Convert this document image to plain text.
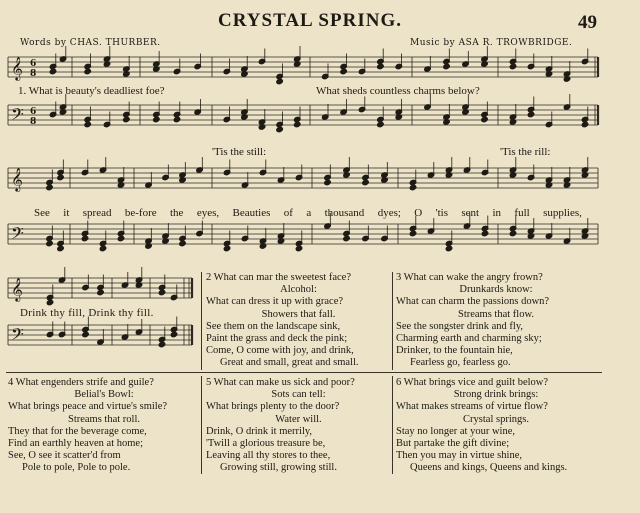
CRYSTAL SPRING.	49
Words by CHAS. THURBER.	Music by ASA R. TROWBRIDGE.
𝄞 6
8
𝄢 6
8
𝄞
𝄢
𝄞
𝄢
1. What is beauty's deadliest foe?	What sheds countless charms below?
'Tis the still:	'Tis the rill:
See it spread be-fore the eyes, Beauties of a thousand dyes; O 'tis sent in full supplies,
Drink thy fill, Drink thy fill.
2 What can mar the sweetest face?
Alcohol:
What can dress it up with grace?
Showers that fall.
See them on the landscape sink,
Paint the grass and deck the pink;
Come, O come with joy, and drink,
Great and small, great and small.
3 What can wake the angry frown?
Drunkards know:
What can charm the passions down?
Streams that flow.
See the songster drink and fly,
Charming earth and charming sky;
Drinker, to the fountain hie,
Fearless go, fearless go.
4 What engenders strife and guile?
Belial's Bowl:
What brings peace and virtue's smile?
Streams that roll.
They that for the beverage come,
Find an earthly heaven at home;
See, O see it scatter'd from
Pole to pole, Pole to pole.
5 What can make us sick and poor?
Sots can tell:
What brings plenty to the door?
Water will.
Drink, O drink it merrily,
'Twill a glorious treasure be,
Leaving all thy stores to thee,
Growing still, growing still.
6 What brings vice and guilt below?
Strong drink brings:
What makes streams of virtue flow?
Crystal springs.
Stay no longer at your wine,
But partake the gift divine;
Then you may in virtue shine,
Queens and kings, Queens and kings.
